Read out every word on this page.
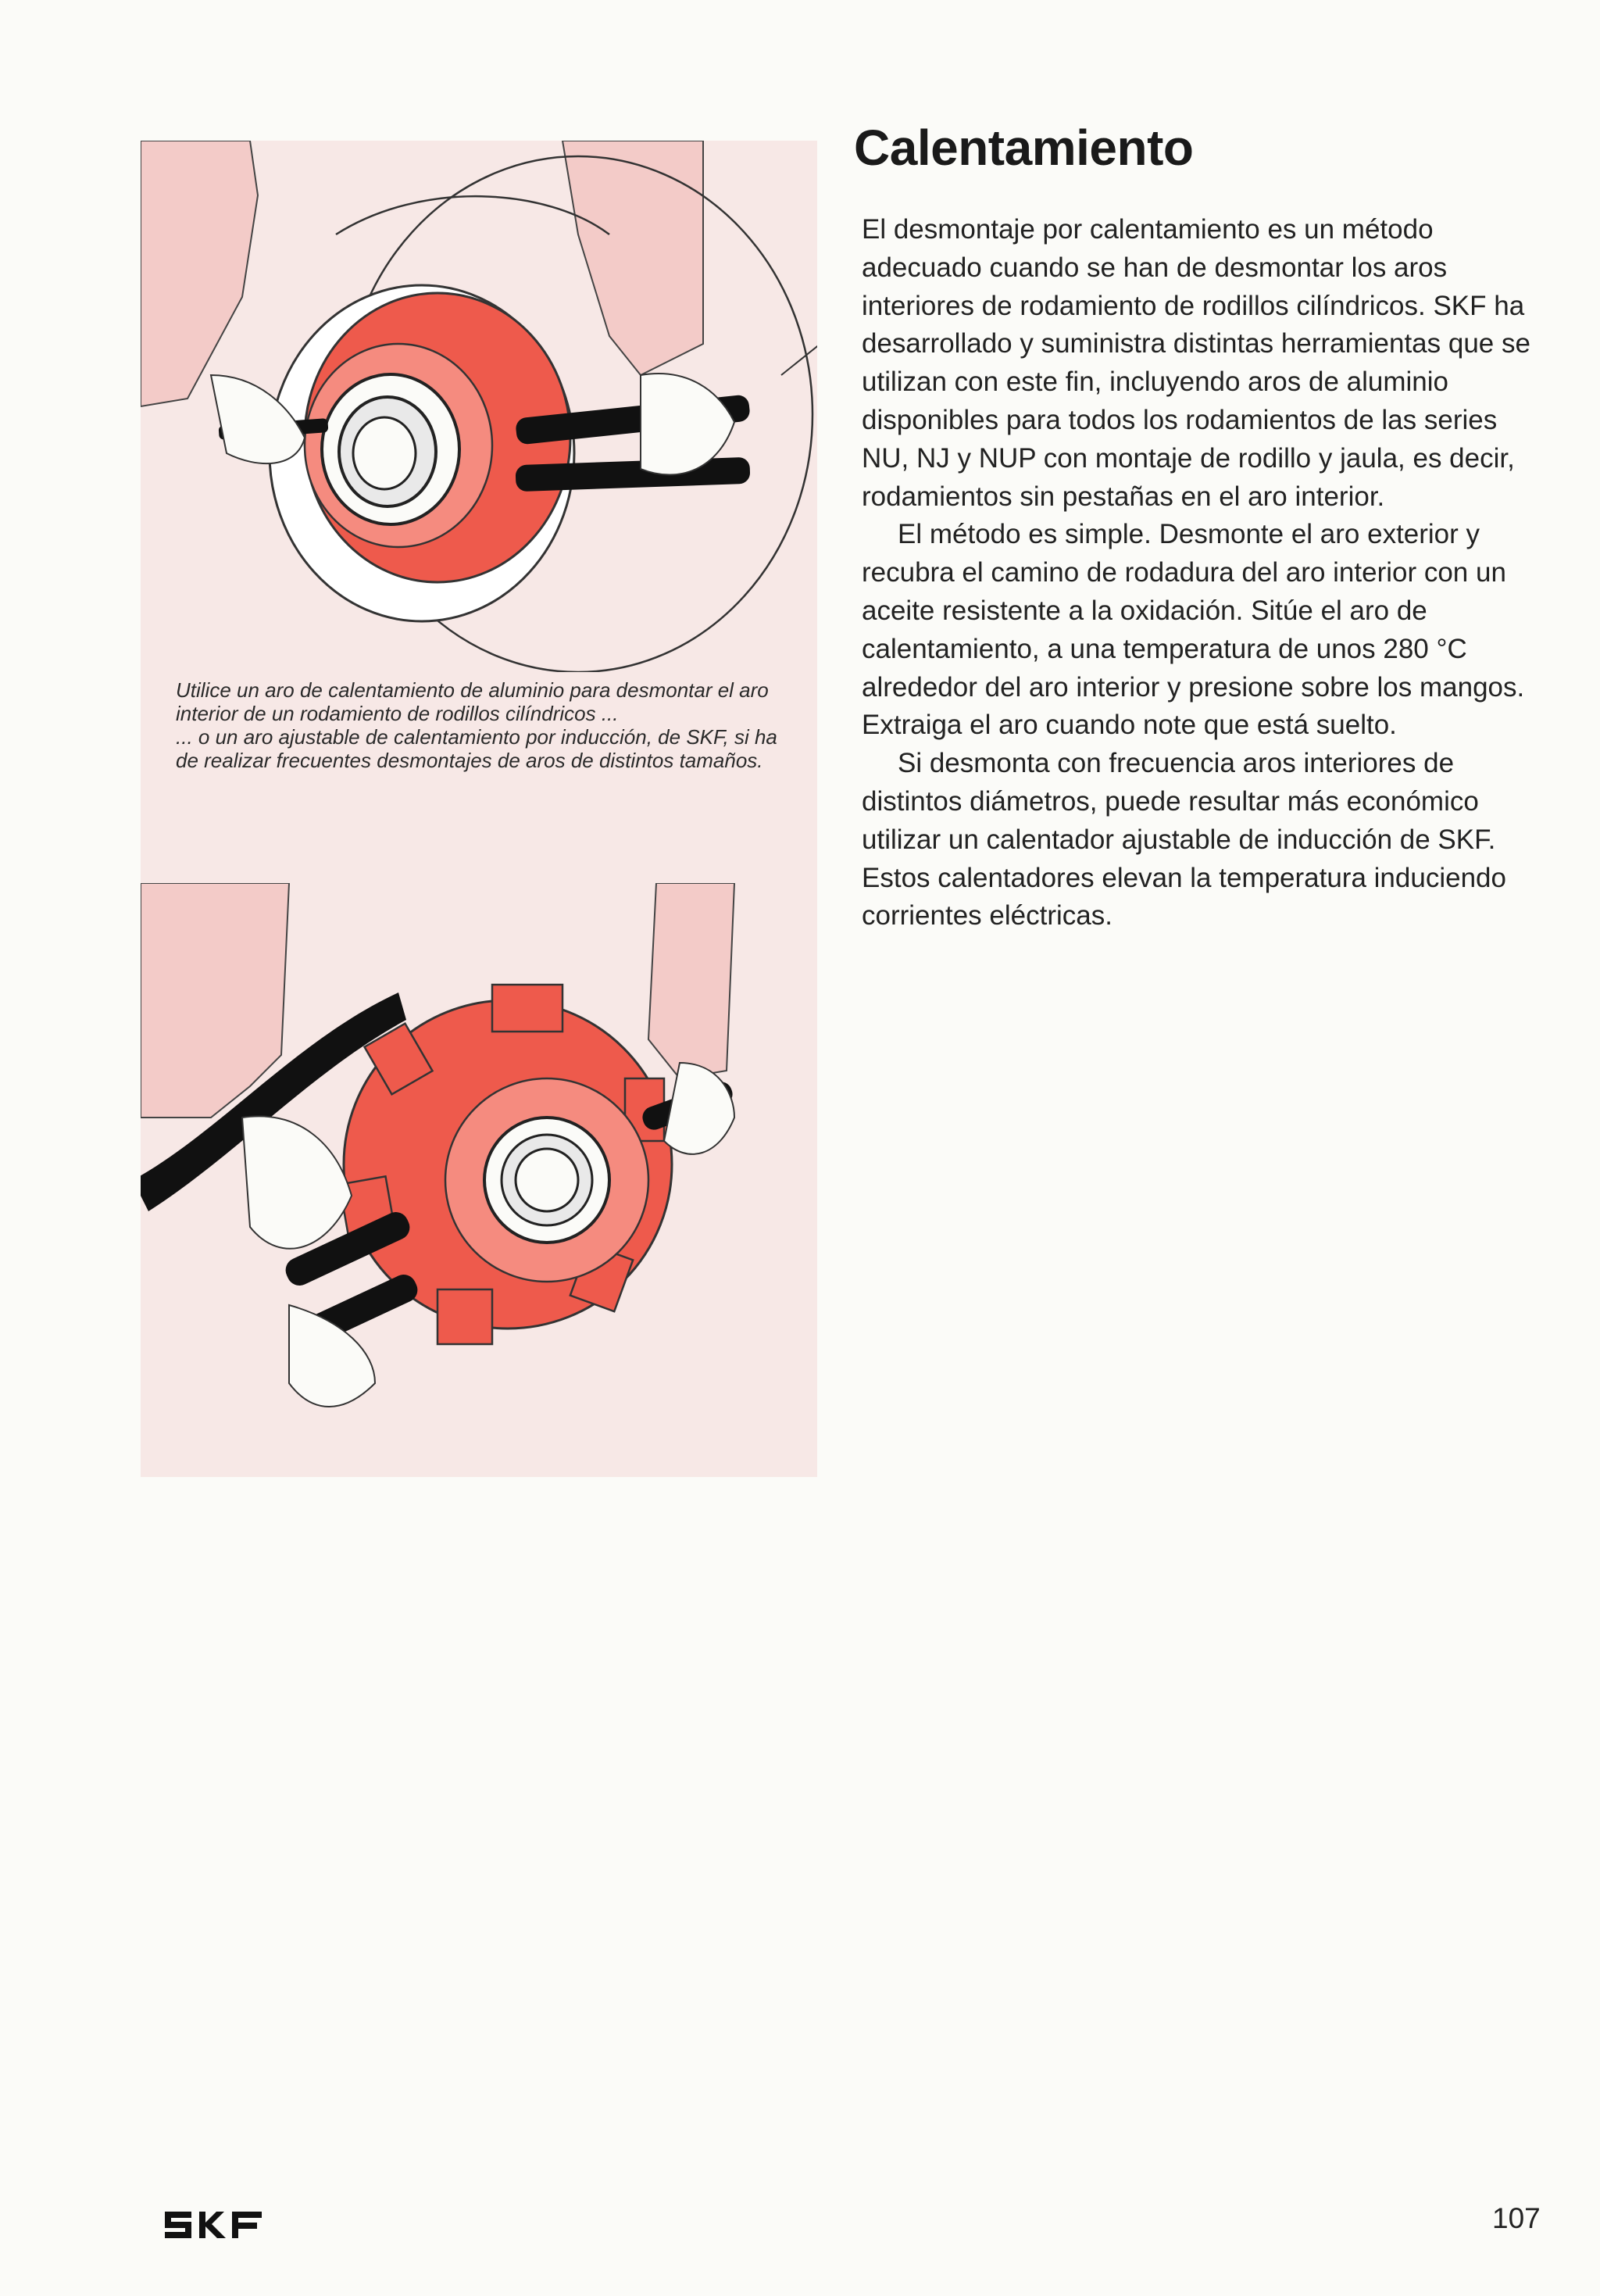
Utilice un aro de calentamiento de aluminio para desmontar el aro interior de un rodamiento de rodillos cilíndricos ...

... o un aro ajustable de calentamiento por inducción, de SKF, si ha de realizar frecuentes desmontajes de aros de distintos tamaños.

Calentamiento

El desmontaje por calentamiento es un método adecuado cuando se han de desmontar los aros interiores de rodamiento de rodillos cilíndricos. SKF ha desarrollado y suministra distintas herramientas que se utilizan con este fin, incluyendo aros de aluminio disponibles para todos los rodamientos de las series NU, NJ y NUP con montaje de rodillo y jaula, es decir, rodamientos sin pestañas en el aro interior.

El método es simple. Desmonte el aro exterior y recubra el camino de rodadura del aro interior con un aceite resistente a la oxidación. Sitúe el aro de calentamiento, a una temperatura de unos 280 °C alrededor del aro interior y presione sobre los mangos. Extraiga el aro cuando note que está suelto.

Si desmonta con frecuencia aros interiores de distintos diámetros, puede resultar más económico utilizar un calentador ajustable de inducción de SKF. Estos calentadores elevan la temperatura induciendo corrientes eléctricas.

107
